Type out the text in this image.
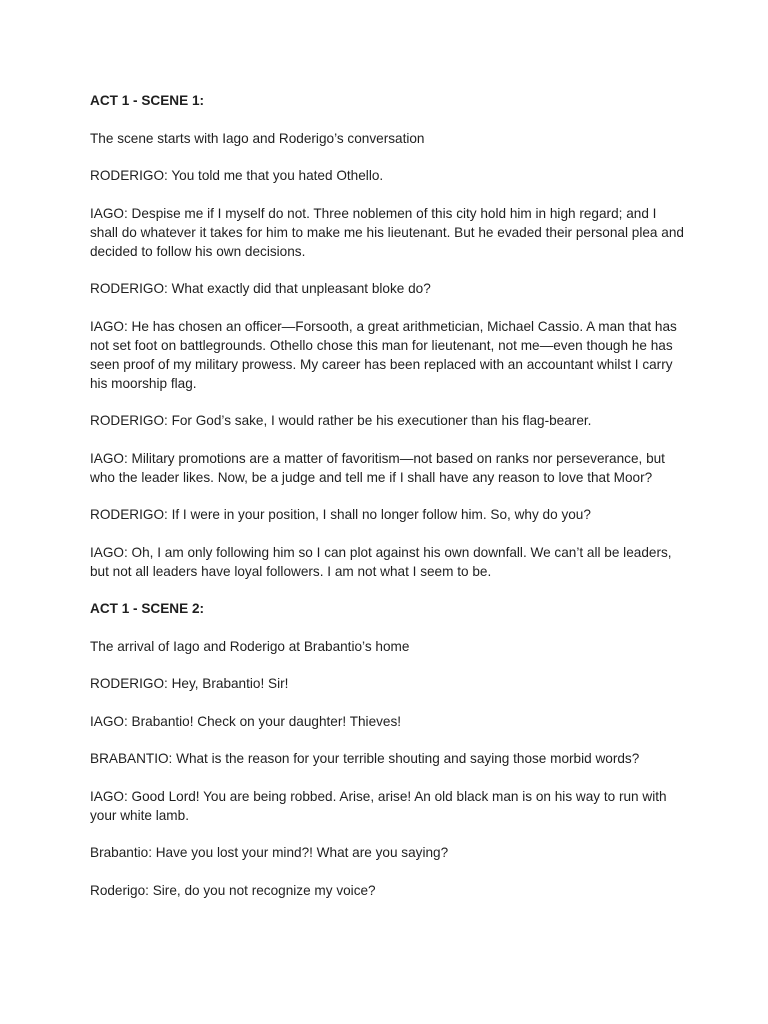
ACT 1 - SCENE 1:

The scene starts with Iago and Roderigo’s conversation

RODERIGO: You told me that you hated Othello.

IAGO: Despise me if I myself do not. Three noblemen of this city hold him in high regard; and I shall do whatever it takes for him to make me his lieutenant. But he evaded their personal plea and decided to follow his own decisions.

RODERIGO: What exactly did that unpleasant bloke do?

IAGO: He has chosen an officer—Forsooth, a great arithmetician, Michael Cassio. A man that has not set foot on battlegrounds. Othello chose this man for lieutenant, not me—even though he has seen proof of my military prowess. My career has been replaced with an accountant whilst I carry his moorship flag.

RODERIGO: For God’s sake, I would rather be his executioner than his flag-bearer.

IAGO: Military promotions are a matter of favoritism—not based on ranks nor perseverance, but who the leader likes. Now, be a judge and tell me if I shall have any reason to love that Moor?

RODERIGO: If I were in your position, I shall no longer follow him. So, why do you?

IAGO: Oh, I am only following him so I can plot against his own downfall. We can’t all be leaders, but not all leaders have loyal followers. I am not what I seem to be.

ACT 1 - SCENE 2:

The arrival of Iago and Roderigo at Brabantio’s home

RODERIGO: Hey, Brabantio! Sir!

IAGO: Brabantio! Check on your daughter! Thieves!

BRABANTIO: What is the reason for your terrible shouting and saying those morbid words?

IAGO: Good Lord! You are being robbed. Arise, arise! An old black man is on his way to run with your white lamb.

Brabantio: Have you lost your mind?! What are you saying?

Roderigo: Sire, do you not recognize my voice?
